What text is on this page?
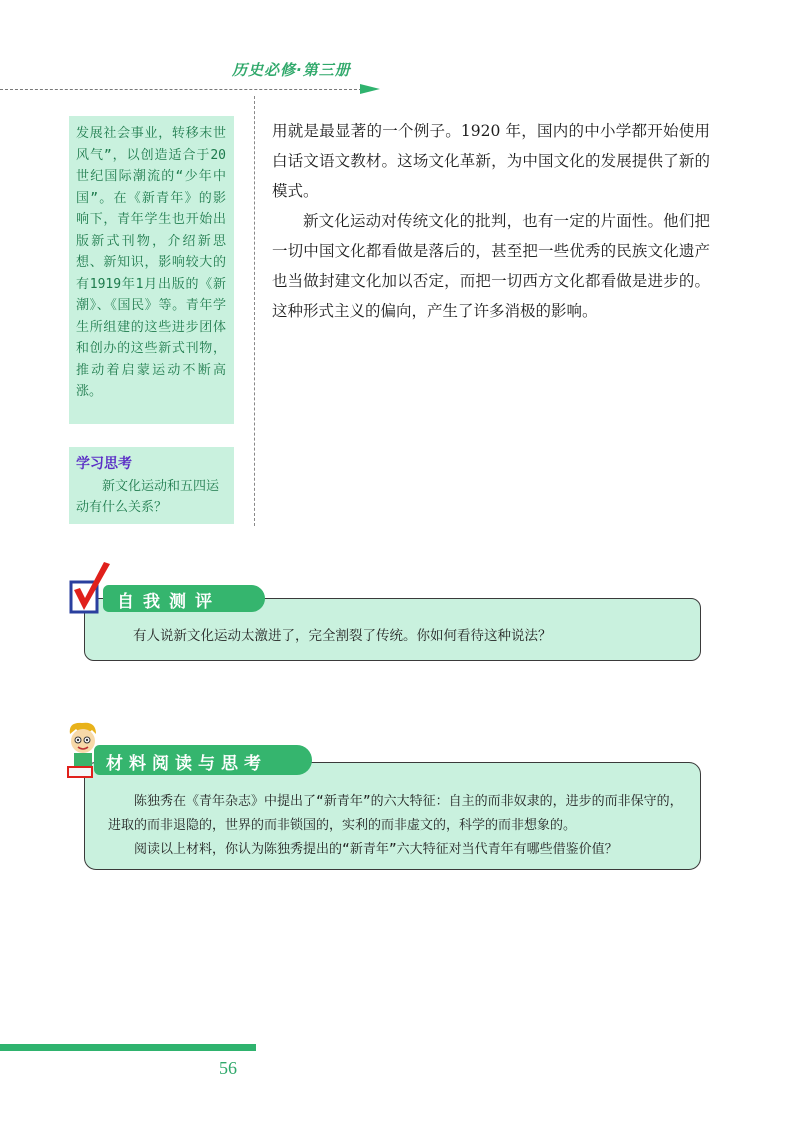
历史必修·第三册
发展社会事业，转移末世风气”，以创造适合于20世纪国际潮流的“少年中国”。在《新青年》的影响下，青年学生也开始出版新式刊物，介绍新思想、新知识，影响较大的有1919年1月出版的《新潮》、《国民》等。青年学生所组建的这些进步团体和创办的这些新式刊物，推动着启蒙运动不断高涨。
学习思考
新文化运动和五四运动有什么关系？

用就是最显著的一个例子。1920 年，国内的中小学都开始使用白话文语文教材。这场文化革新，为中国文化的发展提供了新的模式。

新文化运动对传统文化的批判，也有一定的片面性。他们把一切中国文化都看做是落后的，甚至把一些优秀的民族文化遗产也当做封建文化加以否定，而把一切西方文化都看做是进步的。这种形式主义的偏向，产生了许多消极的影响。

自我测评
有人说新文化运动太激进了，完全割裂了传统。你如何看待这种说法？
材料阅读与思考

陈独秀在《青年杂志》中提出了“新青年”的六大特征：自主的而非奴隶的，进步的而非保守的，进取的而非退隐的，世界的而非锁国的，实利的而非虚文的，科学的而非想象的。

阅读以上材料，你认为陈独秀提出的“新青年”六大特征对当代青年有哪些借鉴价值？

56
